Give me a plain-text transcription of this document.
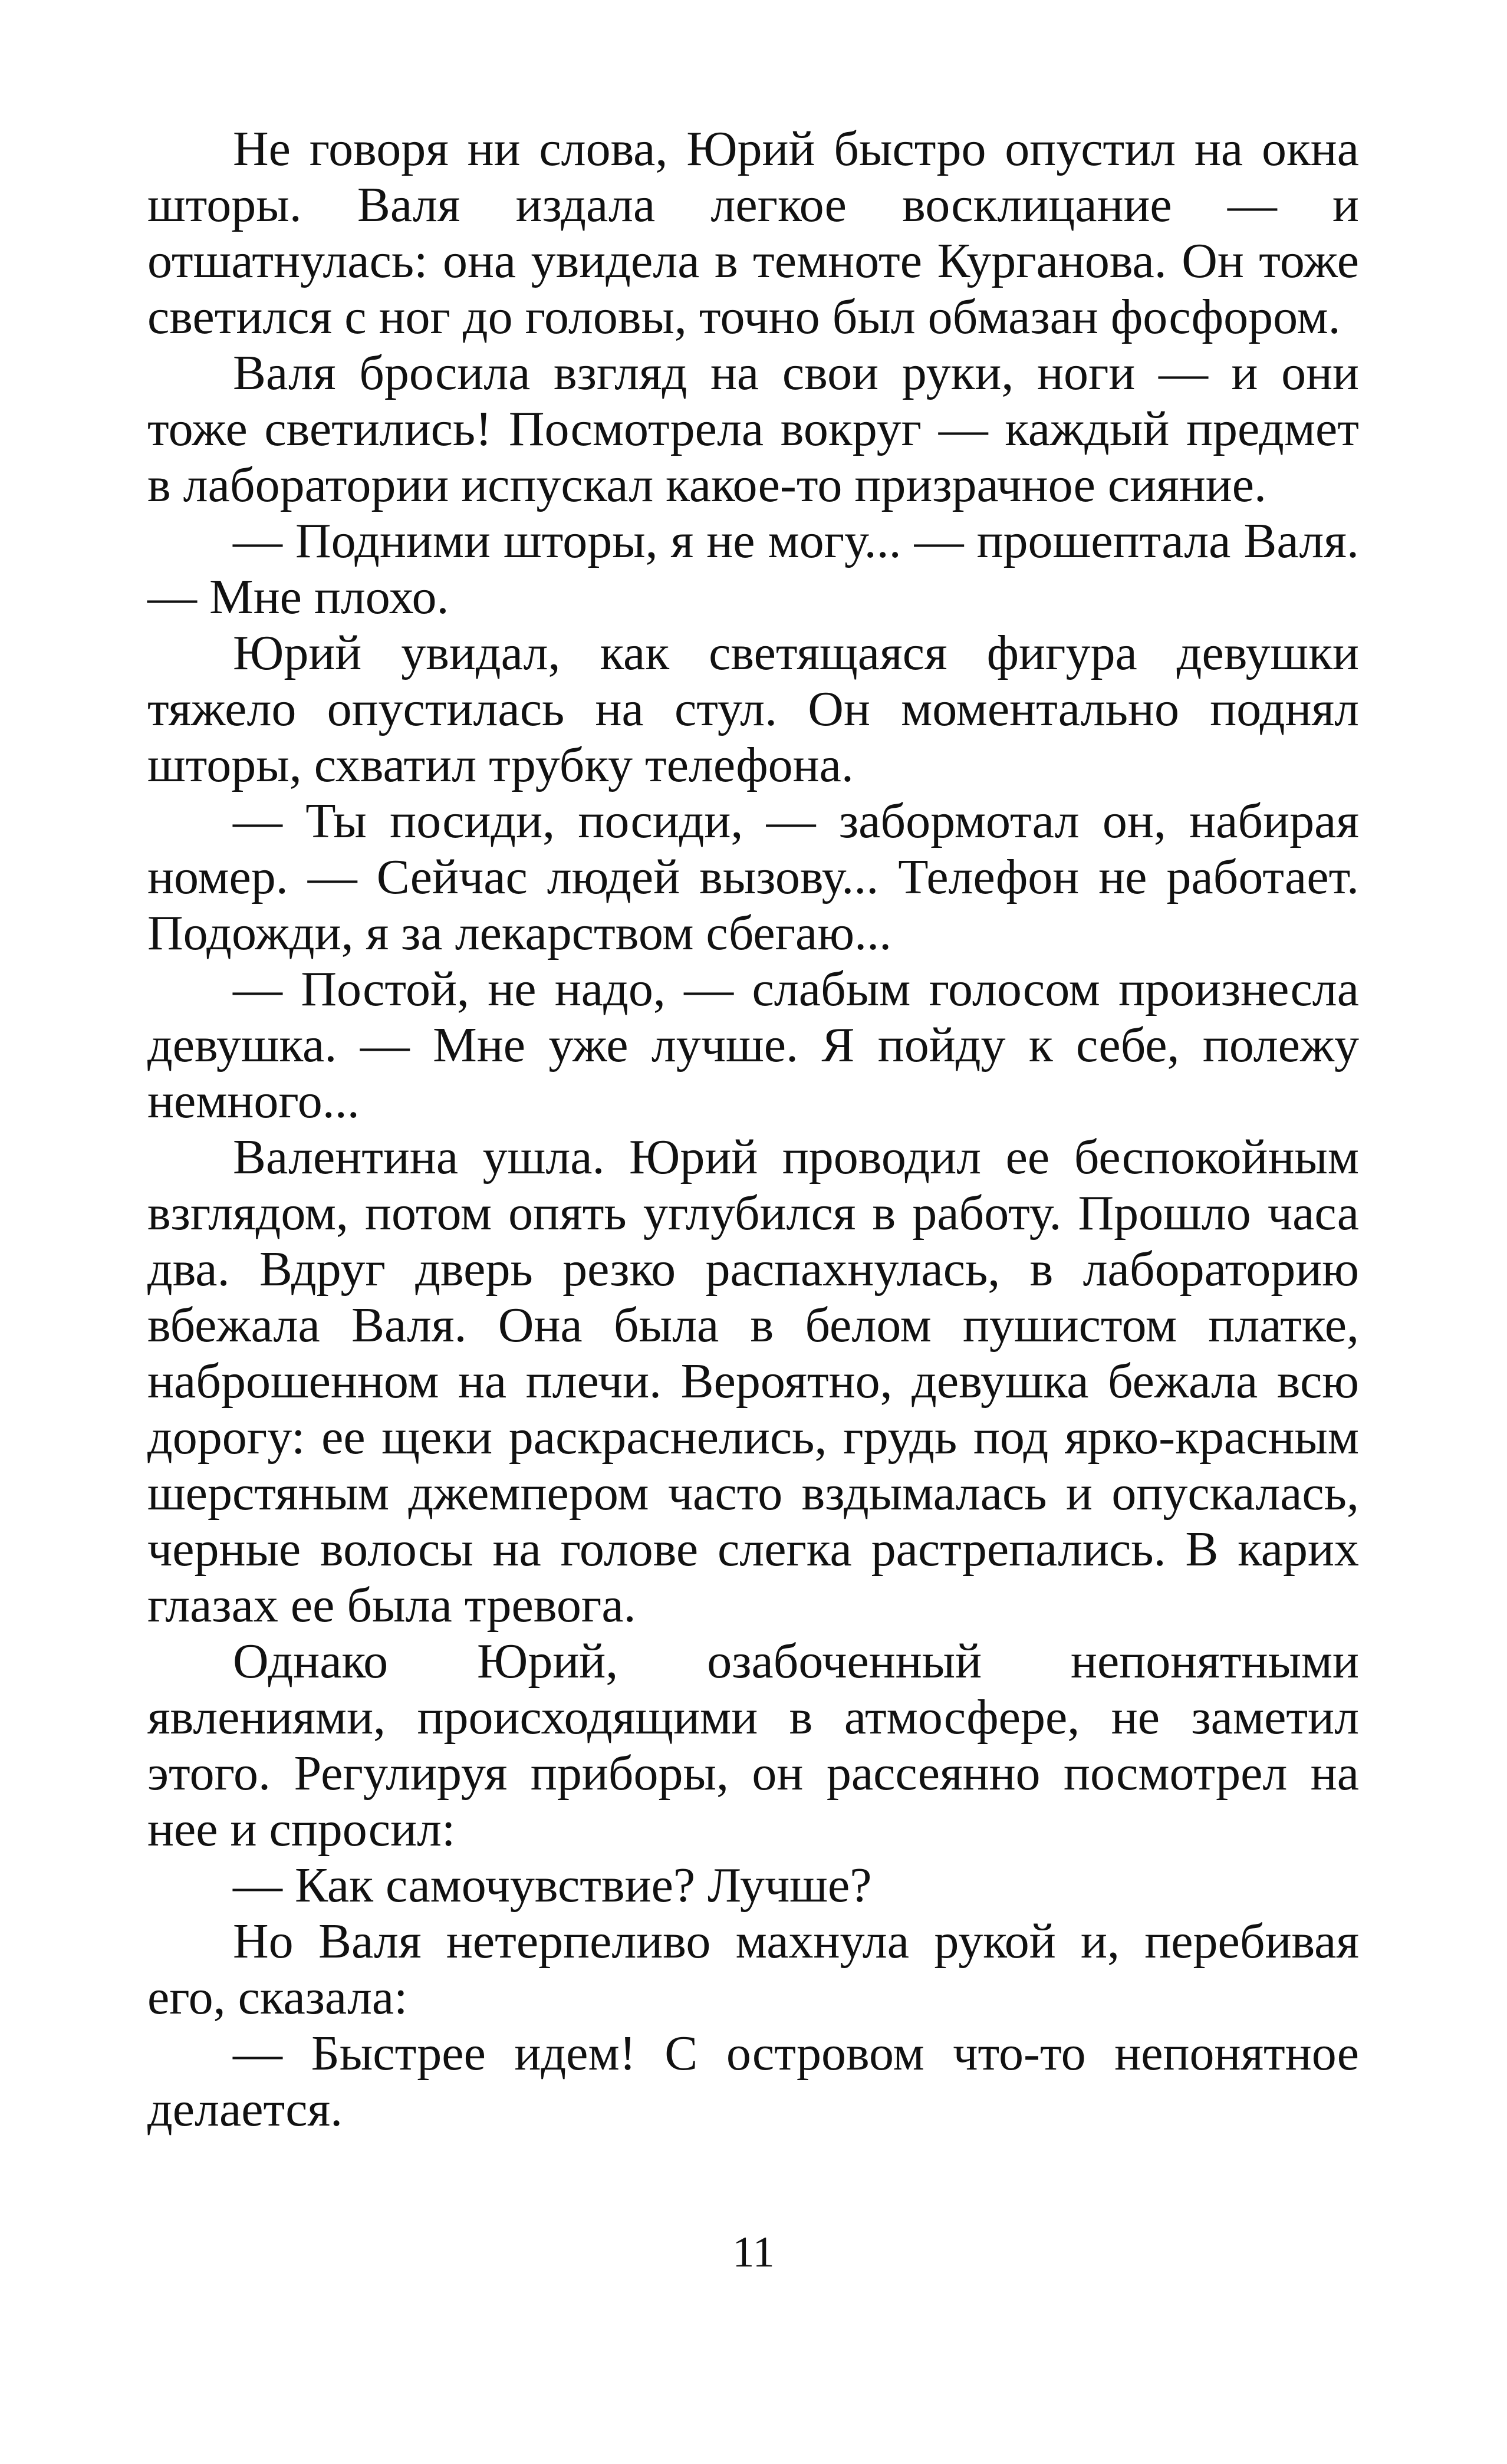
Не говоря ни слова, Юрий быстро опустил на окна шторы. Валя издала легкое восклицание — и отшатнулась: она увидела в темноте Курганова. Он тоже светился с ног до головы, точно был обмазан фосфором.

Валя бросила взгляд на свои руки, ноги — и они тоже светились! Посмотрела вокруг — каждый предмет в лаборатории испускал какое-то призрачное сияние.

— Подними шторы, я не могу... — прошептала Валя. — Мне плохо.

Юрий увидал, как светящаяся фигура девушки тяжело опустилась на стул. Он моментально поднял шторы, схватил трубку телефона.

— Ты посиди, посиди, — забормотал он, набирая номер. — Сейчас людей вызову... Телефон не работает. Подожди, я за лекарством сбегаю...

— Постой, не надо, — слабым голосом произнесла девушка. — Мне уже лучше. Я пойду к себе, полежу немного...

Валентина ушла. Юрий проводил ее беспокойным взглядом, потом опять углубился в работу. Прошло часа два. Вдруг дверь резко распахнулась, в лабораторию вбежала Валя. Она была в белом пушистом платке, наброшенном на плечи. Вероятно, девушка бежала всю дорогу: ее щеки раскраснелись, грудь под ярко-красным шерстяным джемпером часто вздымалась и опускалась, черные волосы на голове слегка растрепались. В карих глазах ее была тревога.

Однако Юрий, озабоченный непонятными явлениями, происходящими в атмосфере, не заметил этого. Регулируя приборы, он рассеянно посмотрел на нее и спросил:

— Как самочувствие? Лучше?

Но Валя нетерпеливо махнула рукой и, перебивая его, сказала:

— Быстрее идем! С островом что-то непонятное делается.

11
